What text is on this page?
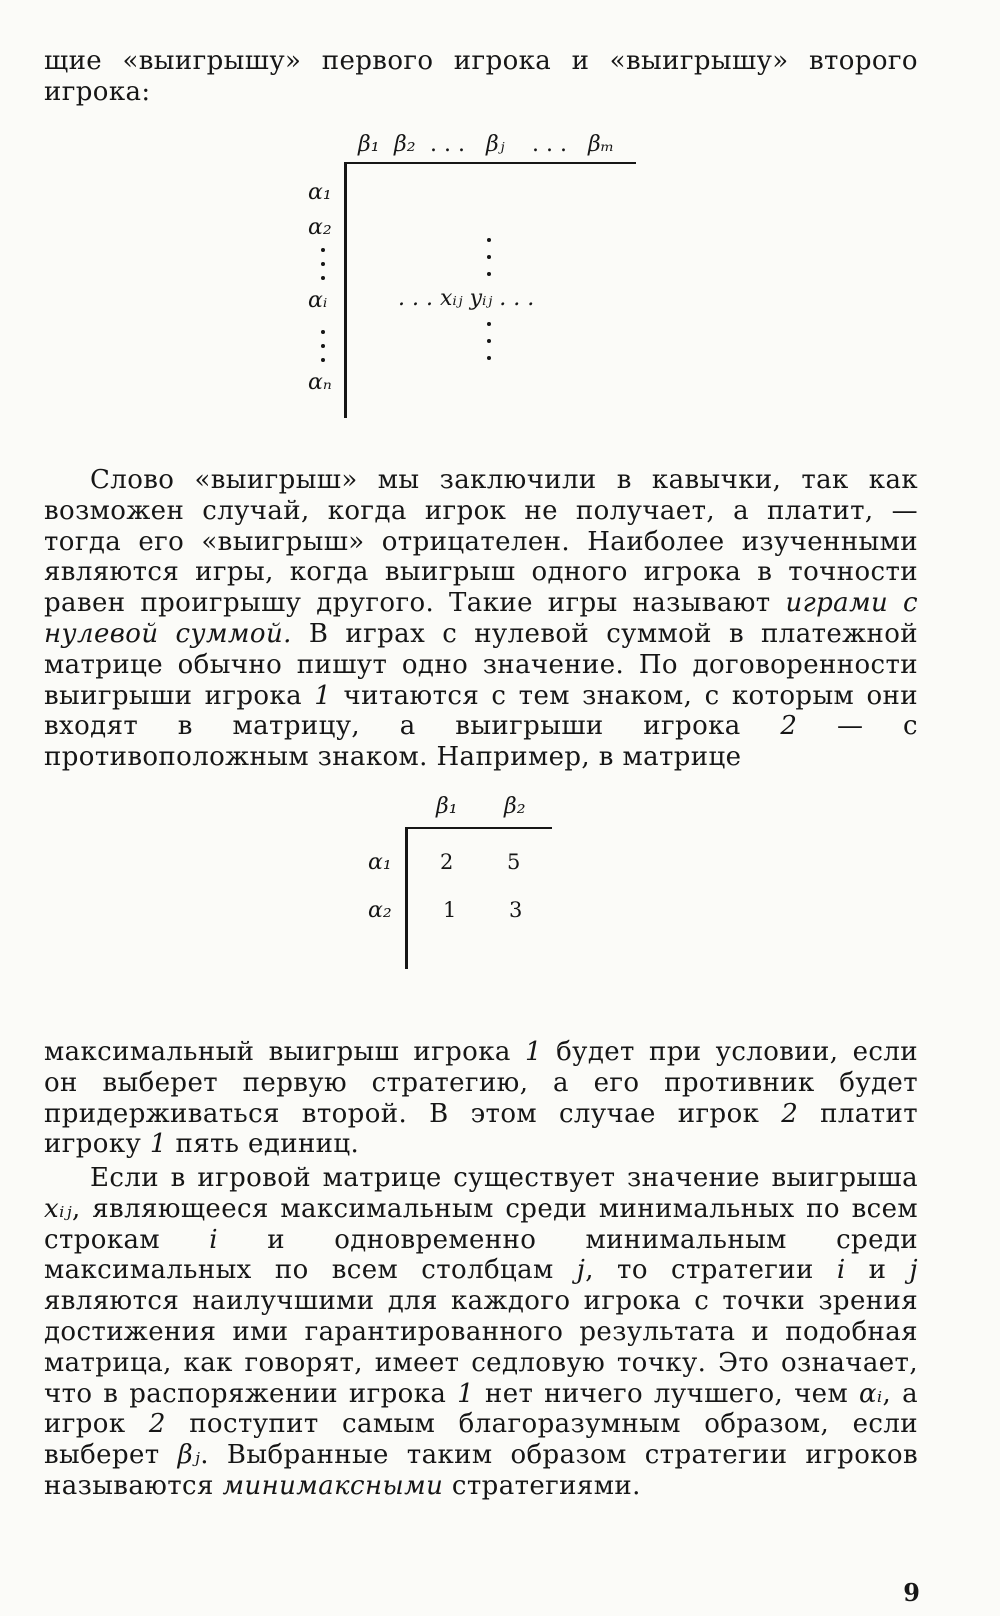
щие «выигрышу» первого игрока и «выигрышу» второго игрока:
β₁ β₂ . . . βⱼ . . . βₘ
α₁
α₂
αᵢ
αₙ
. . . xᵢⱼ yᵢⱼ . . .
Слово «выигрыш» мы заключили в кавычки, так как возможен случай, когда игрок не получает, а платит, — тогда его «выигрыш» отрицателен. Наиболее изученными являются игры, когда выигрыш одного игрока в точности равен проигрышу другого. Такие игры называют играми с нулевой суммой. В играх с нулевой суммой в платежной матрице обычно пишут одно значение. По договоренности выигрыши игрока 1 читаются с тем знаком, с которым они входят в матрицу, а выигрыши игрока 2 — с противоположным знаком. Например, в матрице
β₁ β₂
α₁
α₂
2	5
1	3
максимальный выигрыш игрока 1 будет при условии, если он выберет первую стратегию, а его противник будет придерживаться второй. В этом случае игрок 2 платит игроку 1 пять единиц.
Если в игровой матрице существует значение выигрыша xᵢⱼ, являющееся максимальным среди минимальных по всем строкам i и одновременно минимальным среди максимальных по всем столбцам j, то стратегии i и j являются наилучшими для каждого игрока с точки зрения достижения ими гарантированного результата и подобная матрица, как говорят, имеет седловую точку. Это означает, что в распоряжении игрока 1 нет ничего лучшего, чем αᵢ, а игрок 2 поступит самым благоразумным образом, если выберет βⱼ. Выбранные таким образом стратегии игроков называются минимаксными стратегиями.
9
